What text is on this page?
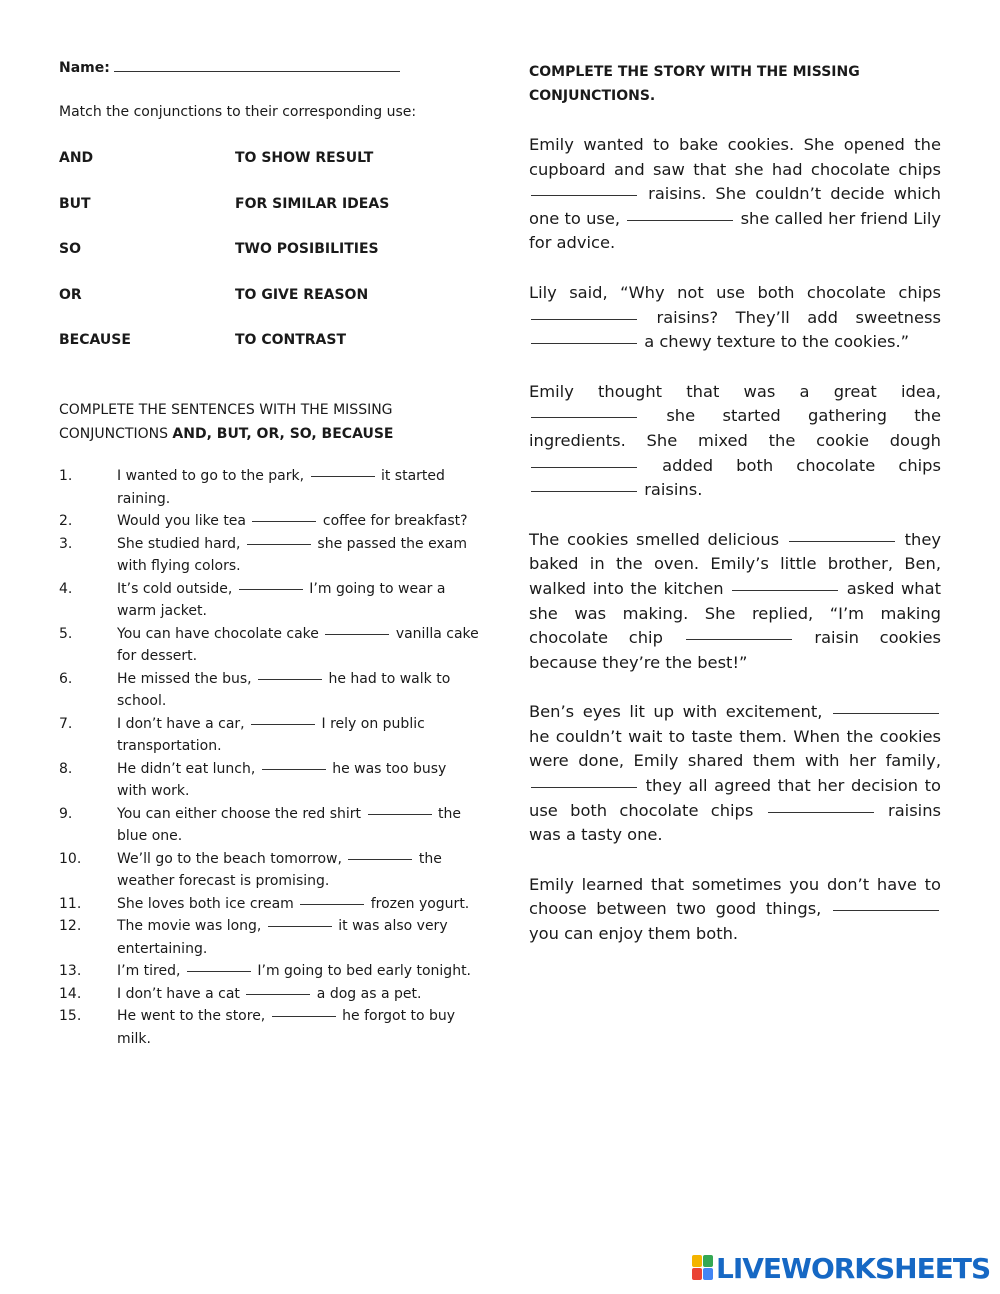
Name:
Match the conjunctions to their corresponding use:
AND	TO SHOW RESULT
BUT	FOR SIMILAR IDEAS
SO	TWO POSIBILITIES
OR	TO GIVE REASON
BECAUSE	TO CONTRAST
COMPLETE THE SENTENCES WITH THE MISSING
CONJUNCTIONS AND, BUT, OR, SO, BECAUSE
1.	I wanted to go to the park,	it started raining.
2.	Would you like tea	coffee for breakfast?
3.	She studied hard,	she passed the exam with flying colors.
4.	It’s cold outside,	I’m going to wear a warm jacket.
5.	You can have chocolate cake	vanilla cake for dessert.
6.	He missed the bus,	he had to walk to school.
7.	I don’t have a car,	I rely on public transportation.
8.	He didn’t eat lunch,	he was too busy with work.
9.	You can either choose the red shirt	the blue one.
10.	We’ll go to the beach tomorrow,	the weather forecast is promising.
11.	She loves both ice cream	frozen yogurt.
12.	The movie was long,	it was also very entertaining.
13.	I’m tired,	I’m going to bed early tonight.
14.	I don’t have a cat	a dog as a pet.
15.	He went to the store,	he forgot to buy milk.
COMPLETE THE STORY WITH THE MISSING CONJUNCTIONS.

Emily wanted to bake cookies. She opened the cupboard and saw that she had chocolate chips  raisins. She couldn’t decide which one to use,	she called her friend Lily for advice.

Lily said, “Why not use both chocolate chips  raisins? They’ll add sweetness  a chewy texture to the cookies.”

Emily thought that was a great idea,  she started gathering the ingredients. She mixed the cookie dough  added both chocolate chips  raisins.

The cookies smelled delicious	they baked in the oven. Emily’s little brother, Ben, walked into the kitchen	asked what she was making. She replied, “I’m making chocolate chip	raisin cookies because they’re the best!”

Ben’s eyes lit up with excitement,  he couldn’t wait to taste them. When the cookies were done, Emily shared them with her family,  they all agreed that her decision to use both chocolate chips	raisins was a tasty one.

Emily learned that sometimes you don’t have to choose between two good things,  you can enjoy them both.

LIVEWORKSHEETS
